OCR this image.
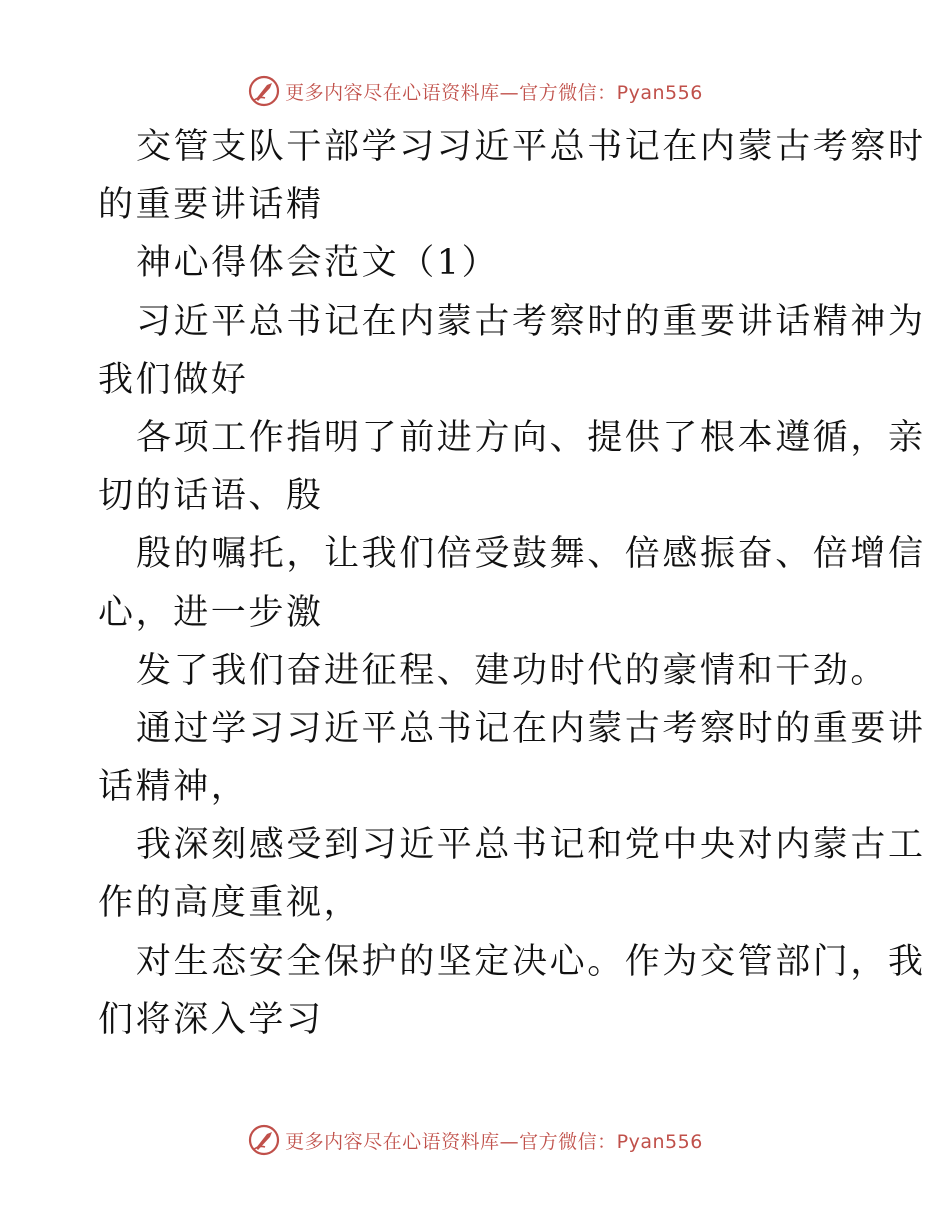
更多内容尽在心语资料库—官方微信：Pyan556
交管支队干部学习习近平总书记在内蒙古考察时
的重要讲话精
神心得体会范文（1）
习近平总书记在内蒙古考察时的重要讲话精神为
我们做好
各项工作指明了前进方向、提供了根本遵循，亲
切的话语、殷
殷的嘱托，让我们倍受鼓舞、倍感振奋、倍增信
心，进一步激
发了我们奋进征程、建功时代的豪情和干劲。
通过学习习近平总书记在内蒙古考察时的重要讲
话精神，
我深刻感受到习近平总书记和党中央对内蒙古工
作的高度重视，
对生态安全保护的坚定决心。作为交管部门，我
们将深入学习
更多内容尽在心语资料库—官方微信：Pyan556
